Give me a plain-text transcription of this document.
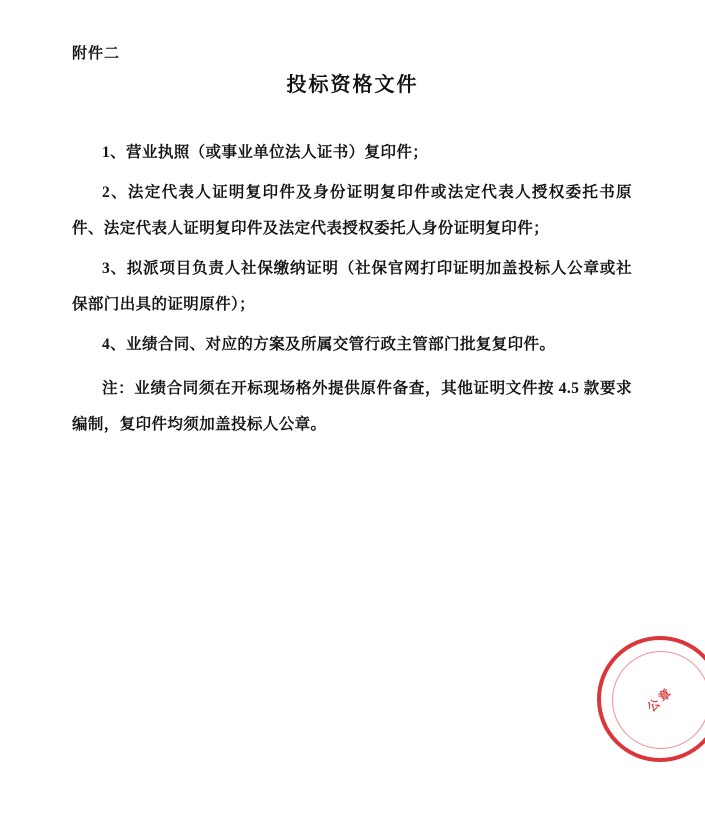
附件二
投标资格文件

1、营业执照（或事业单位法人证书）复印件；

2、法定代表人证明复印件及身份证明复印件或法定代表人授权委托书原件、法定代表人证明复印件及法定代表授权委托人身份证明复印件；

3、拟派项目负责人社保缴纳证明（社保官网打印证明加盖投标人公章或社保部门出具的证明原件）；

4、业绩合同、对应的方案及所属交管行政主管部门批复复印件。

注：业绩合同须在开标现场格外提供原件备查，其他证明文件按 4.5 款要求编制，复印件均须加盖投标人公章。

公章
